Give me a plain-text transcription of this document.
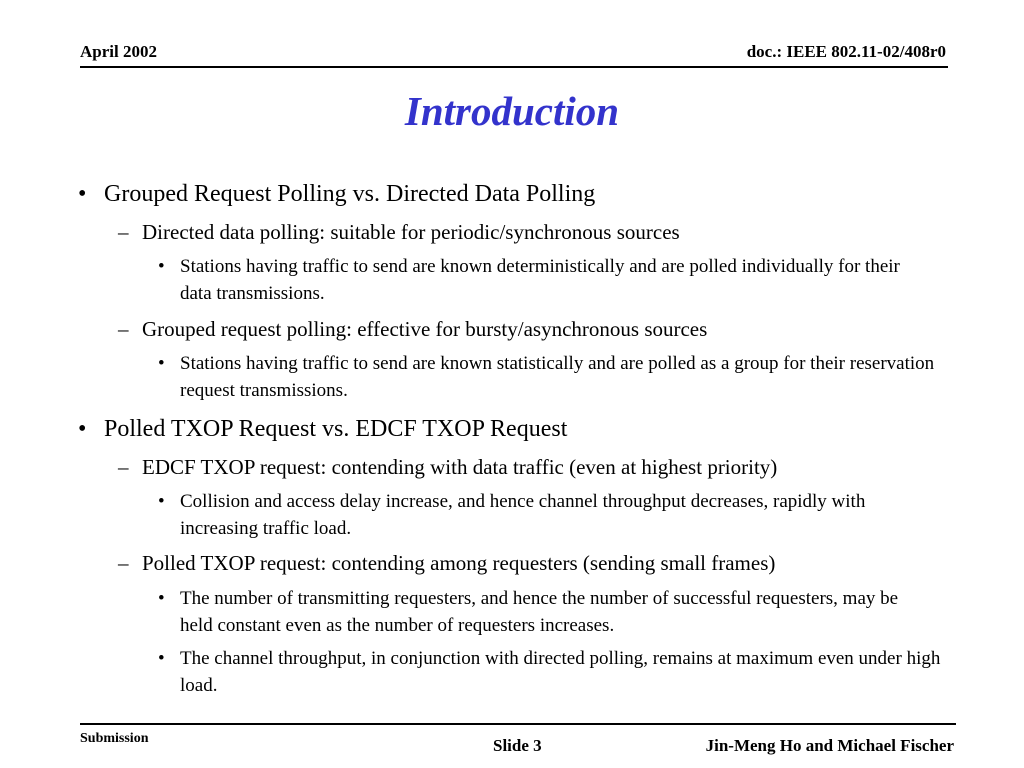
April 2002	doc.: IEEE 802.11-02/408r0
Introduction
• Grouped Request Polling vs. Directed Data Polling
– Directed data polling: suitable for periodic/synchronous sources
• Stations having traffic to send are known deterministically and are polled individually for their data transmissions.
– Grouped request polling: effective for bursty/asynchronous sources
• Stations having traffic to send are known statistically and are polled as a group for their reservation request transmissions.
• Polled TXOP Request vs. EDCF TXOP Request
– EDCF TXOP request: contending with data traffic (even at highest priority)
• Collision and access delay increase, and hence channel throughput decreases, rapidly with increasing traffic load.
– Polled TXOP request: contending among requesters (sending small frames)
• The number of transmitting requesters, and hence the number of successful requesters, may be held constant even as the number of requesters increases.
• The channel throughput, in conjunction with directed polling, remains at maximum even under high load.
Submission	Slide 3	Jin-Meng Ho and Michael Fischer
